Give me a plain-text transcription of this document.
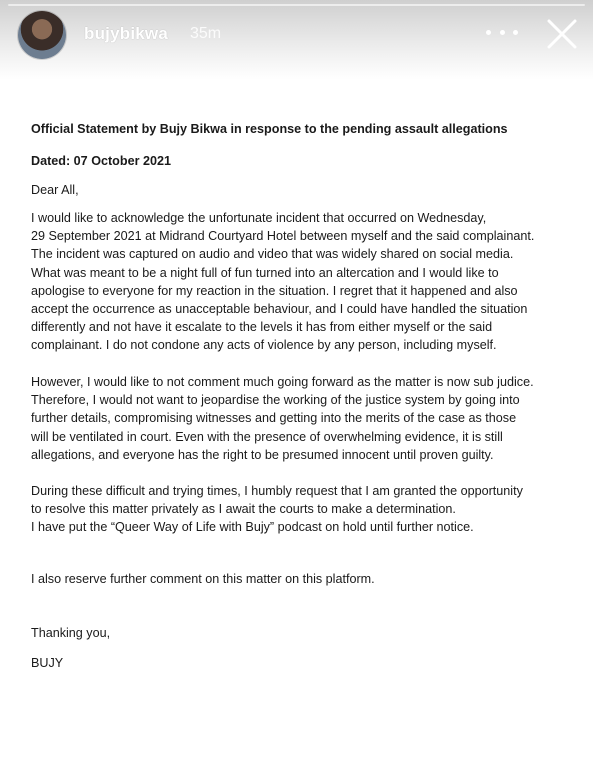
bujybikwa 35m
Official Statement by Bujy Bikwa in response to the pending assault allegations
Dated: 07 October 2021
Dear All,
I would like to acknowledge the unfortunate incident that occurred on Wednesday,
29 September 2021 at Midrand Courtyard Hotel between myself and the said complainant.
The incident was captured on audio and video that was widely shared on social media.
What was meant to be a night full of fun turned into an altercation and I would like to
apologise to everyone for my reaction in the situation. I regret that it happened and also
accept the occurrence as unacceptable behaviour, and I could have handled the situation
differently and not have it escalate to the levels it has from either myself or the said
complainant. I do not condone any acts of violence by any person, including myself.
However, I would like to not comment much going forward as the matter is now sub judice.
Therefore, I would not want to jeopardise the working of the justice system by going into
further details, compromising witnesses and getting into the merits of the case as those
will be ventilated in court. Even with the presence of overwhelming evidence, it is still
allegations, and everyone has the right to be presumed innocent until proven guilty.
During these difficult and trying times, I humbly request that I am granted the opportunity
to resolve this matter privately as I await the courts to make a determination.
I have put the “Queer Way of Life with Bujy” podcast on hold until further notice.
I also reserve further comment on this matter on this platform.
Thanking you,
BUJY
